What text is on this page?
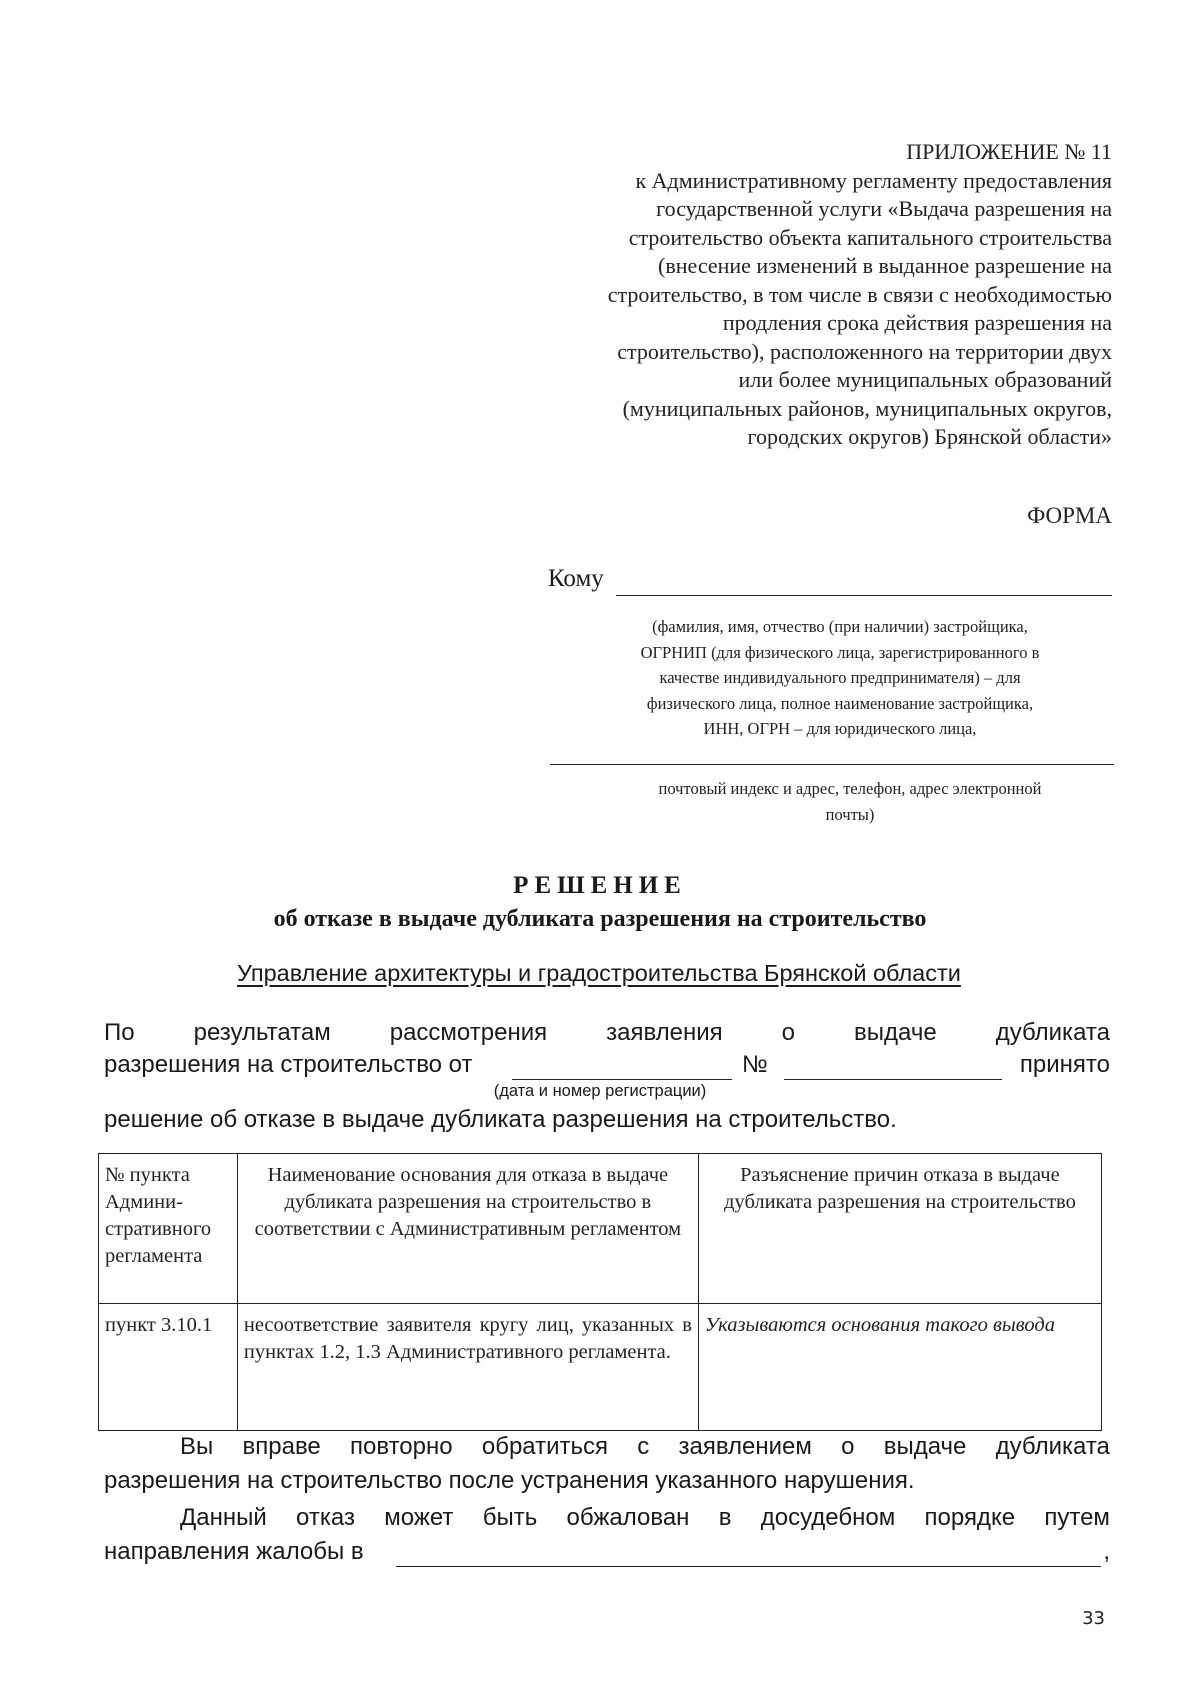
ПРИЛОЖЕНИЕ № 11
к Административному регламенту предоставления
государственной услуги «Выдача разрешения на
строительство объекта капитального строительства
(внесение изменений в выданное разрешение на
строительство, в том числе в связи с необходимостью
продления срока действия разрешения на
строительство), расположенного на территории двух
или более муниципальных образований
(муниципальных районов, муниципальных округов,
городских округов) Брянской области»
ФОРМА
Кому
(фамилия, имя, отчество (при наличии) застройщика,
ОГРНИП (для физического лица, зарегистрированного в
качестве индивидуального предпринимателя) – для
физического лица, полное наименование застройщика,
ИНН, ОГРН – для юридического лица,
почтовый индекс и адрес, телефон, адрес электронной
почты)
РЕШЕНИЕ
об отказе в выдаче дубликата разрешения на строительство
Управление архитектуры и градостроительства Брянской области
По результатам рассмотрения заявления о выдаче дубликата
разрешения на строительство от	№	принято
(дата и номер регистрации)
решение об отказе в выдаче дубликата разрешения на строительство.
№ пункта Админи-стративного регламента	Наименование основания для отказа в выдаче дубликата разрешения на строительство в соответствии с Административным регламентом	Разъяснение причин отказа в выдаче дубликата разрешения на строительство
пункт 3.10.1	несоответствие заявителя кругу лиц, указанных в пунктах 1.2, 1.3 Административного регламента.	Указываются основания такого вывода
Вы вправе повторно обратиться с заявлением о выдаче дубликата
разрешения на строительство после устранения указанного нарушения.
Данный отказ может быть обжалован в досудебном порядке путем
направления жалобы в	,
33
